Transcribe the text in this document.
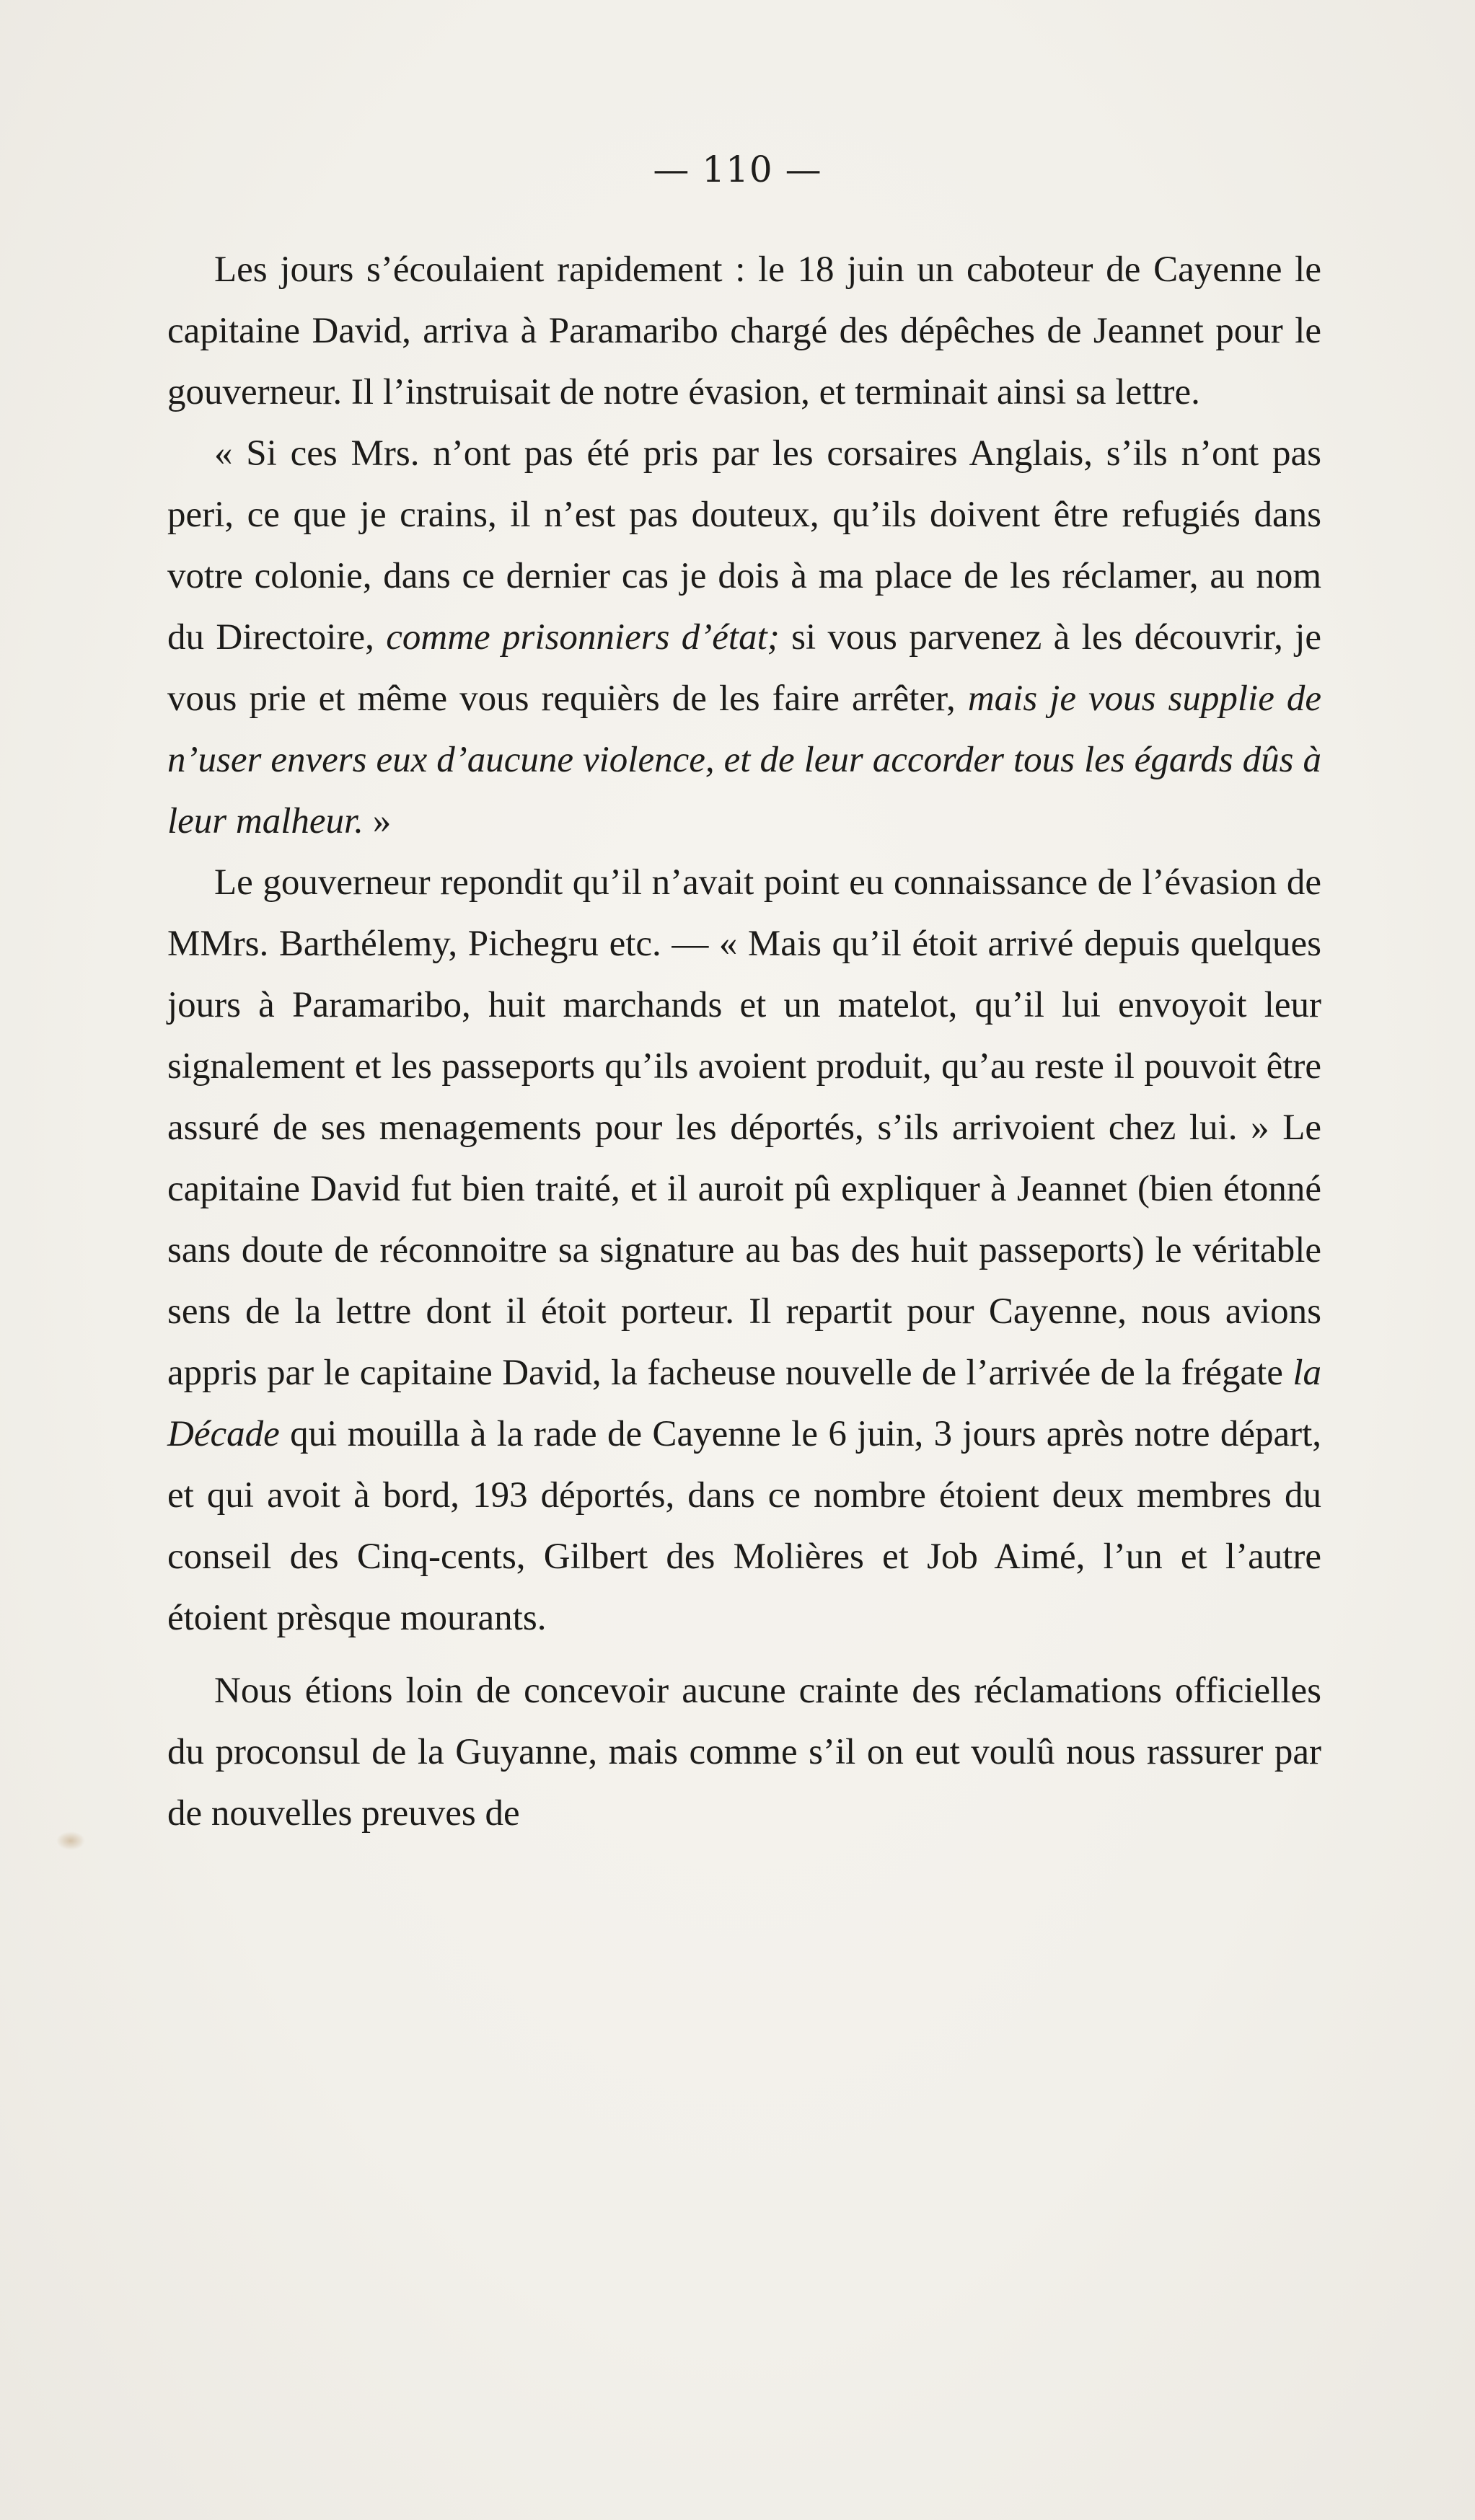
— 110 —

Les jours s’écoulaient rapidement : le 18 juin un caboteur de Cayenne le capitaine David, arriva à Paramaribo chargé des dépêches de Jeannet pour le gouverneur. Il l’instruisait de notre évasion, et terminait ainsi sa lettre.

« Si ces Mrs. n’ont pas été pris par les corsaires Anglais, s’ils n’ont pas peri, ce que je crains, il n’est pas douteux, qu’ils doivent être refugiés dans votre colonie, dans ce dernier cas je dois à ma place de les réclamer, au nom du Directoire, comme prisonniers d’état; si vous parvenez à les découvrir, je vous prie et même vous requièrs de les faire arrêter, mais je vous supplie de n’user envers eux d’aucune violence, et de leur accorder tous les égards dûs à leur malheur. »

Le gouverneur repondit qu’il n’avait point eu connaissance de l’évasion de MMrs. Barthélemy, Pichegru etc. — « Mais qu’il étoit arrivé depuis quelques jours à Paramaribo, huit marchands et un matelot, qu’il lui envoyoit leur signalement et les passeports qu’ils avoient produit, qu’au reste il pouvoit être assuré de ses menagements pour les déportés, s’ils arrivoient chez lui. » Le capitaine David fut bien traité, et il auroit pû expliquer à Jeannet (bien étonné sans doute de réconnoitre sa signature au bas des huit passeports) le véritable sens de la lettre dont il étoit porteur. Il repartit pour Cayenne, nous avions appris par le capitaine David, la facheuse nouvelle de l’arrivée de la frégate la Décade qui mouilla à la rade de Cayenne le 6 juin, 3 jours après notre départ, et qui avoit à bord, 193 déportés, dans ce nombre étoient deux membres du conseil des Cinq-cents, Gilbert des Molières et Job Aimé, l’un et l’autre étoient prèsque mourants.

Nous étions loin de concevoir aucune crainte des réclamations officielles du proconsul de la Guyanne, mais comme s’il on eut voulû nous rassurer par de nouvelles preuves de
